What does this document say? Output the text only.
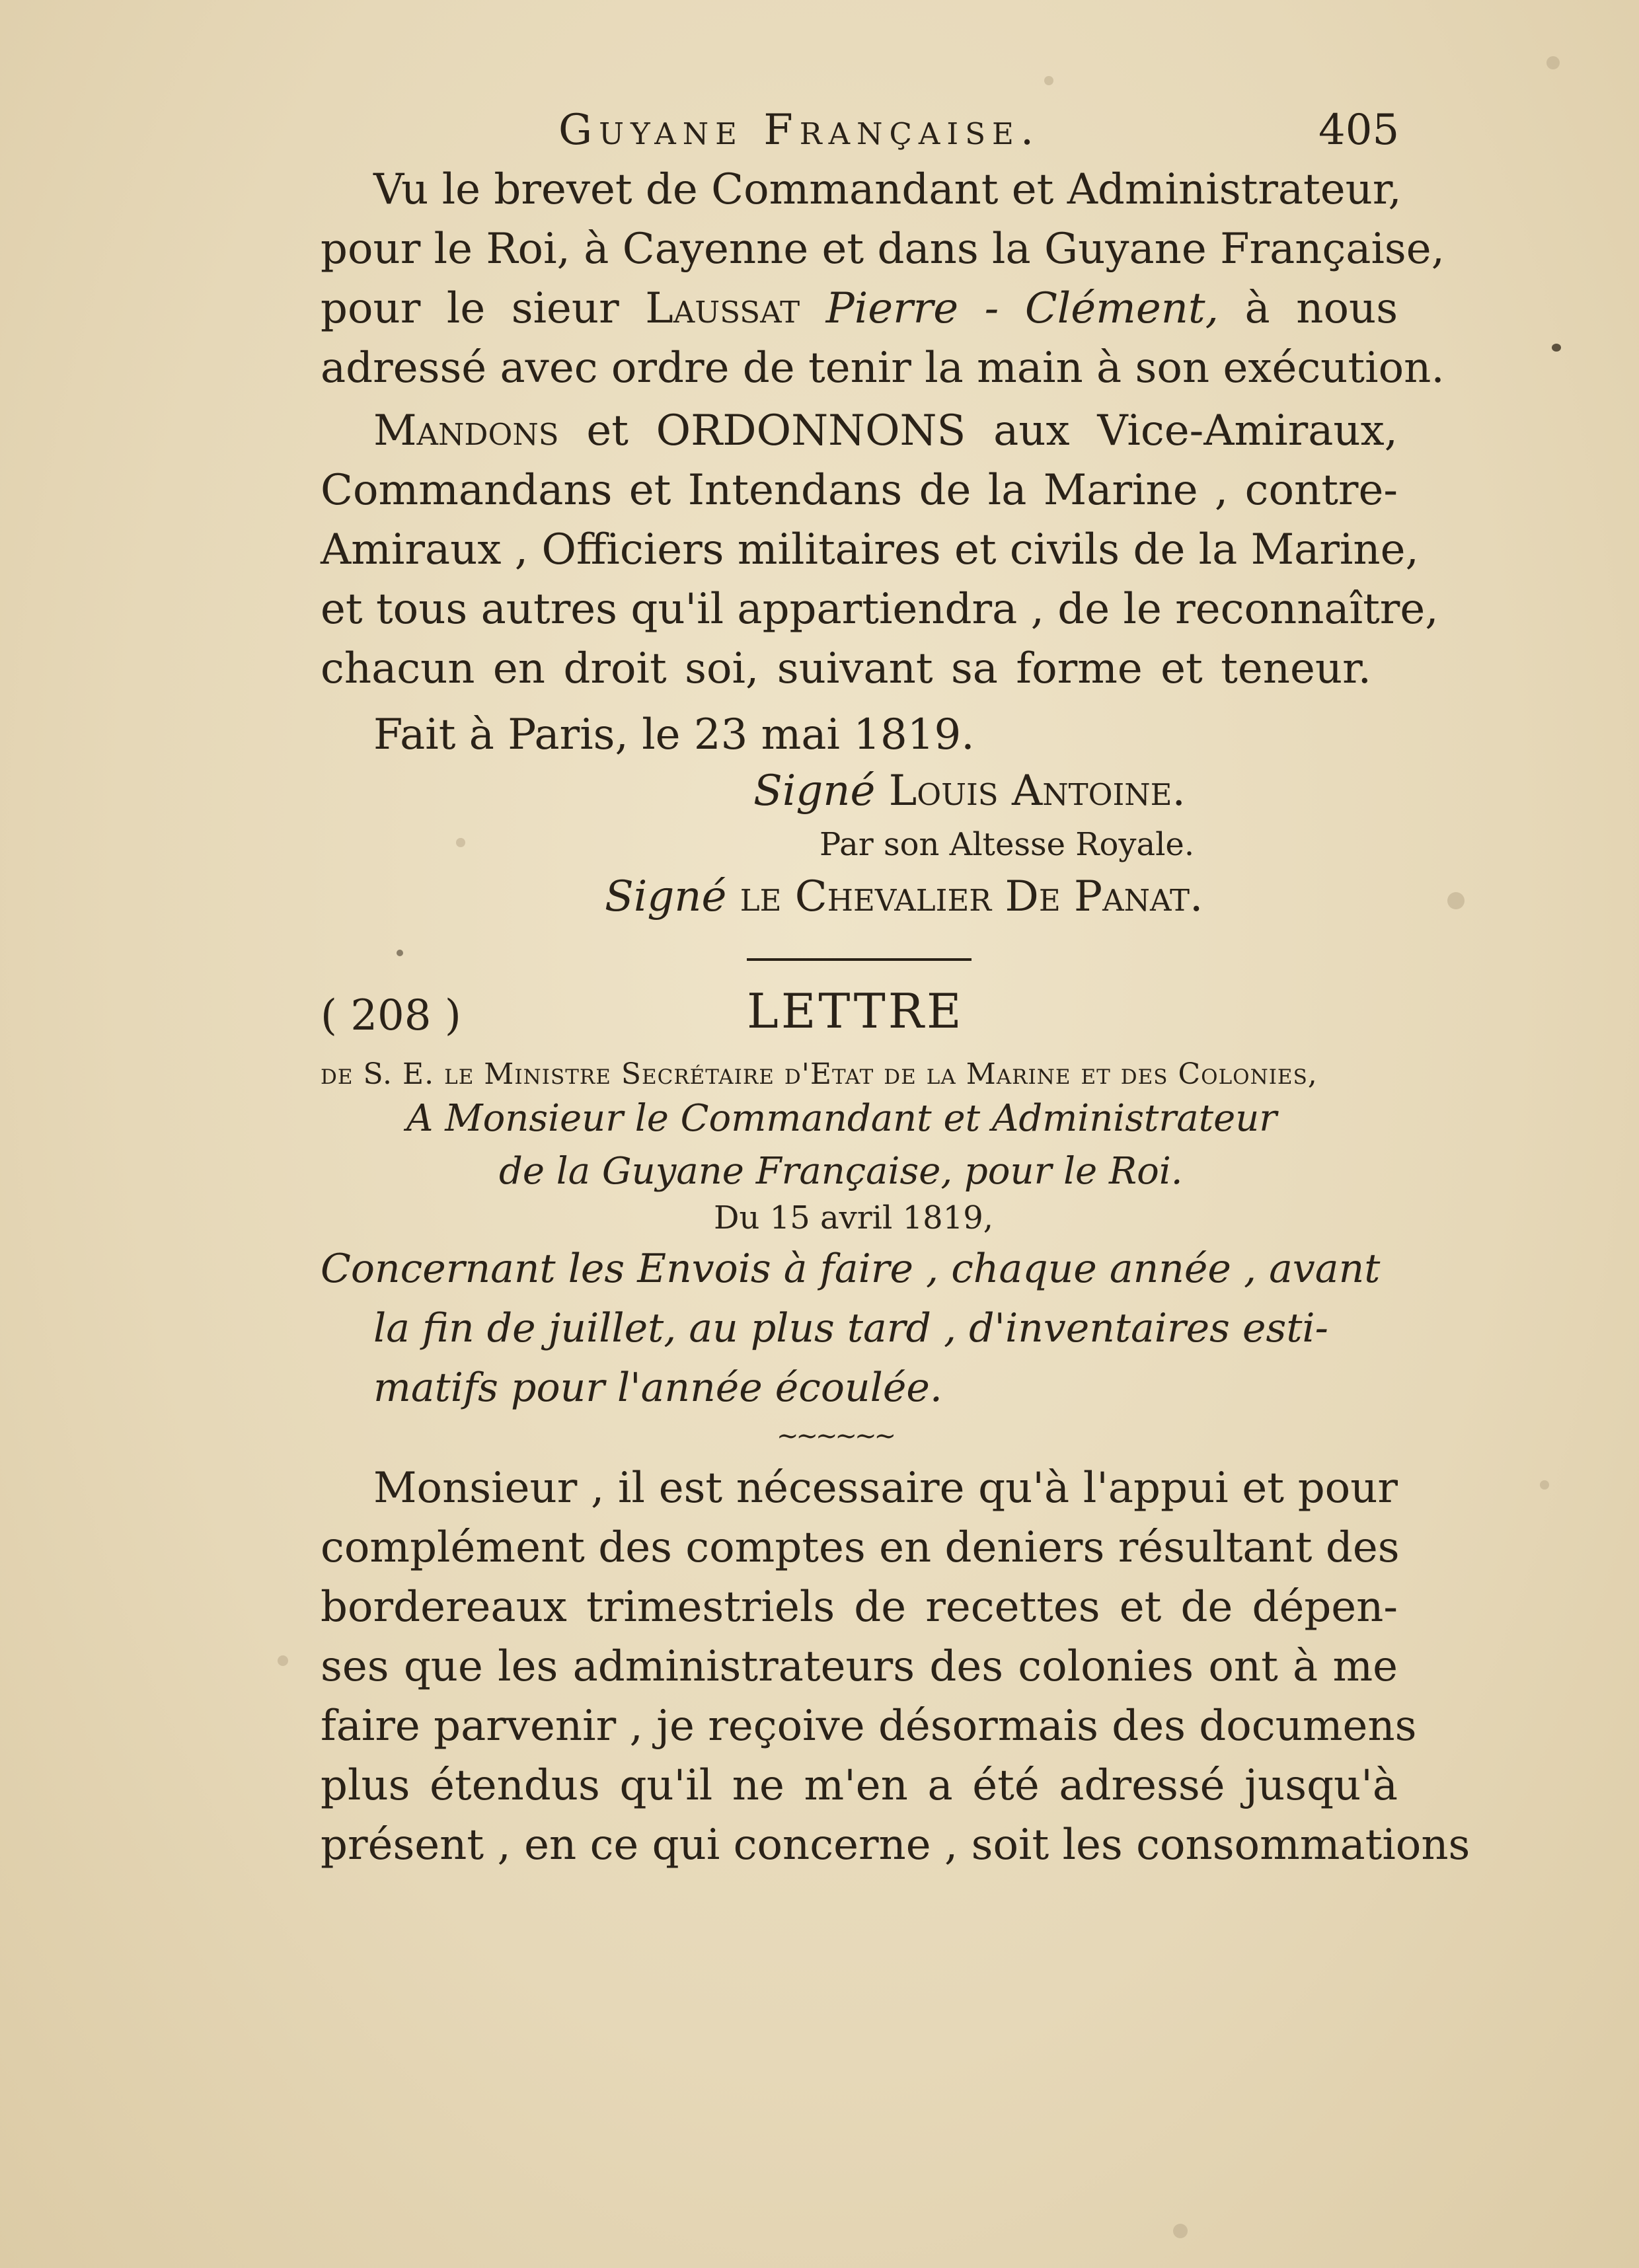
Guyane Française.	405
Vu le brevet de Commandant et Administrateur,
pour le Roi, à Cayenne et dans la Guyane Française,
pour le sieur Laussat Pierre - Clément, à nous
adressé avec ordre de tenir la main à son exécution.
Mandons et ORDONNONS aux Vice-Amiraux,
Commandans et Intendans de la Marine , contre-
Amiraux , Officiers militaires et civils de la Marine,
et tous autres qu'il appartiendra , de le reconnaître,
chacun en droit soi, suivant sa forme et teneur.
Fait à Paris, le 23 mai 1819.
Signé Louis Antoine.
Par son Altesse Royale.
Signé le Chevalier De Panat.
( 208 )	LETTRE
de S. E. le Ministre Secrétaire d'Etat de la Marine et des Colonies,
A Monsieur le Commandant et Administrateur
de la Guyane Française, pour le Roi.
Du 15 avril 1819,
Concernant les Envois à faire , chaque année , avant
la fin de juillet, au plus tard , d'inventaires esti-
matifs pour l'année écoulée.
~~~~~~
Monsieur , il est nécessaire qu'à l'appui et pour
complément des comptes en deniers résultant des
bordereaux trimestriels de recettes et de dépen-
ses que les administrateurs des colonies ont à me
faire parvenir , je reçoive désormais des documens
plus étendus qu'il ne m'en a été adressé jusqu'à
présent , en ce qui concerne , soit les consommations
